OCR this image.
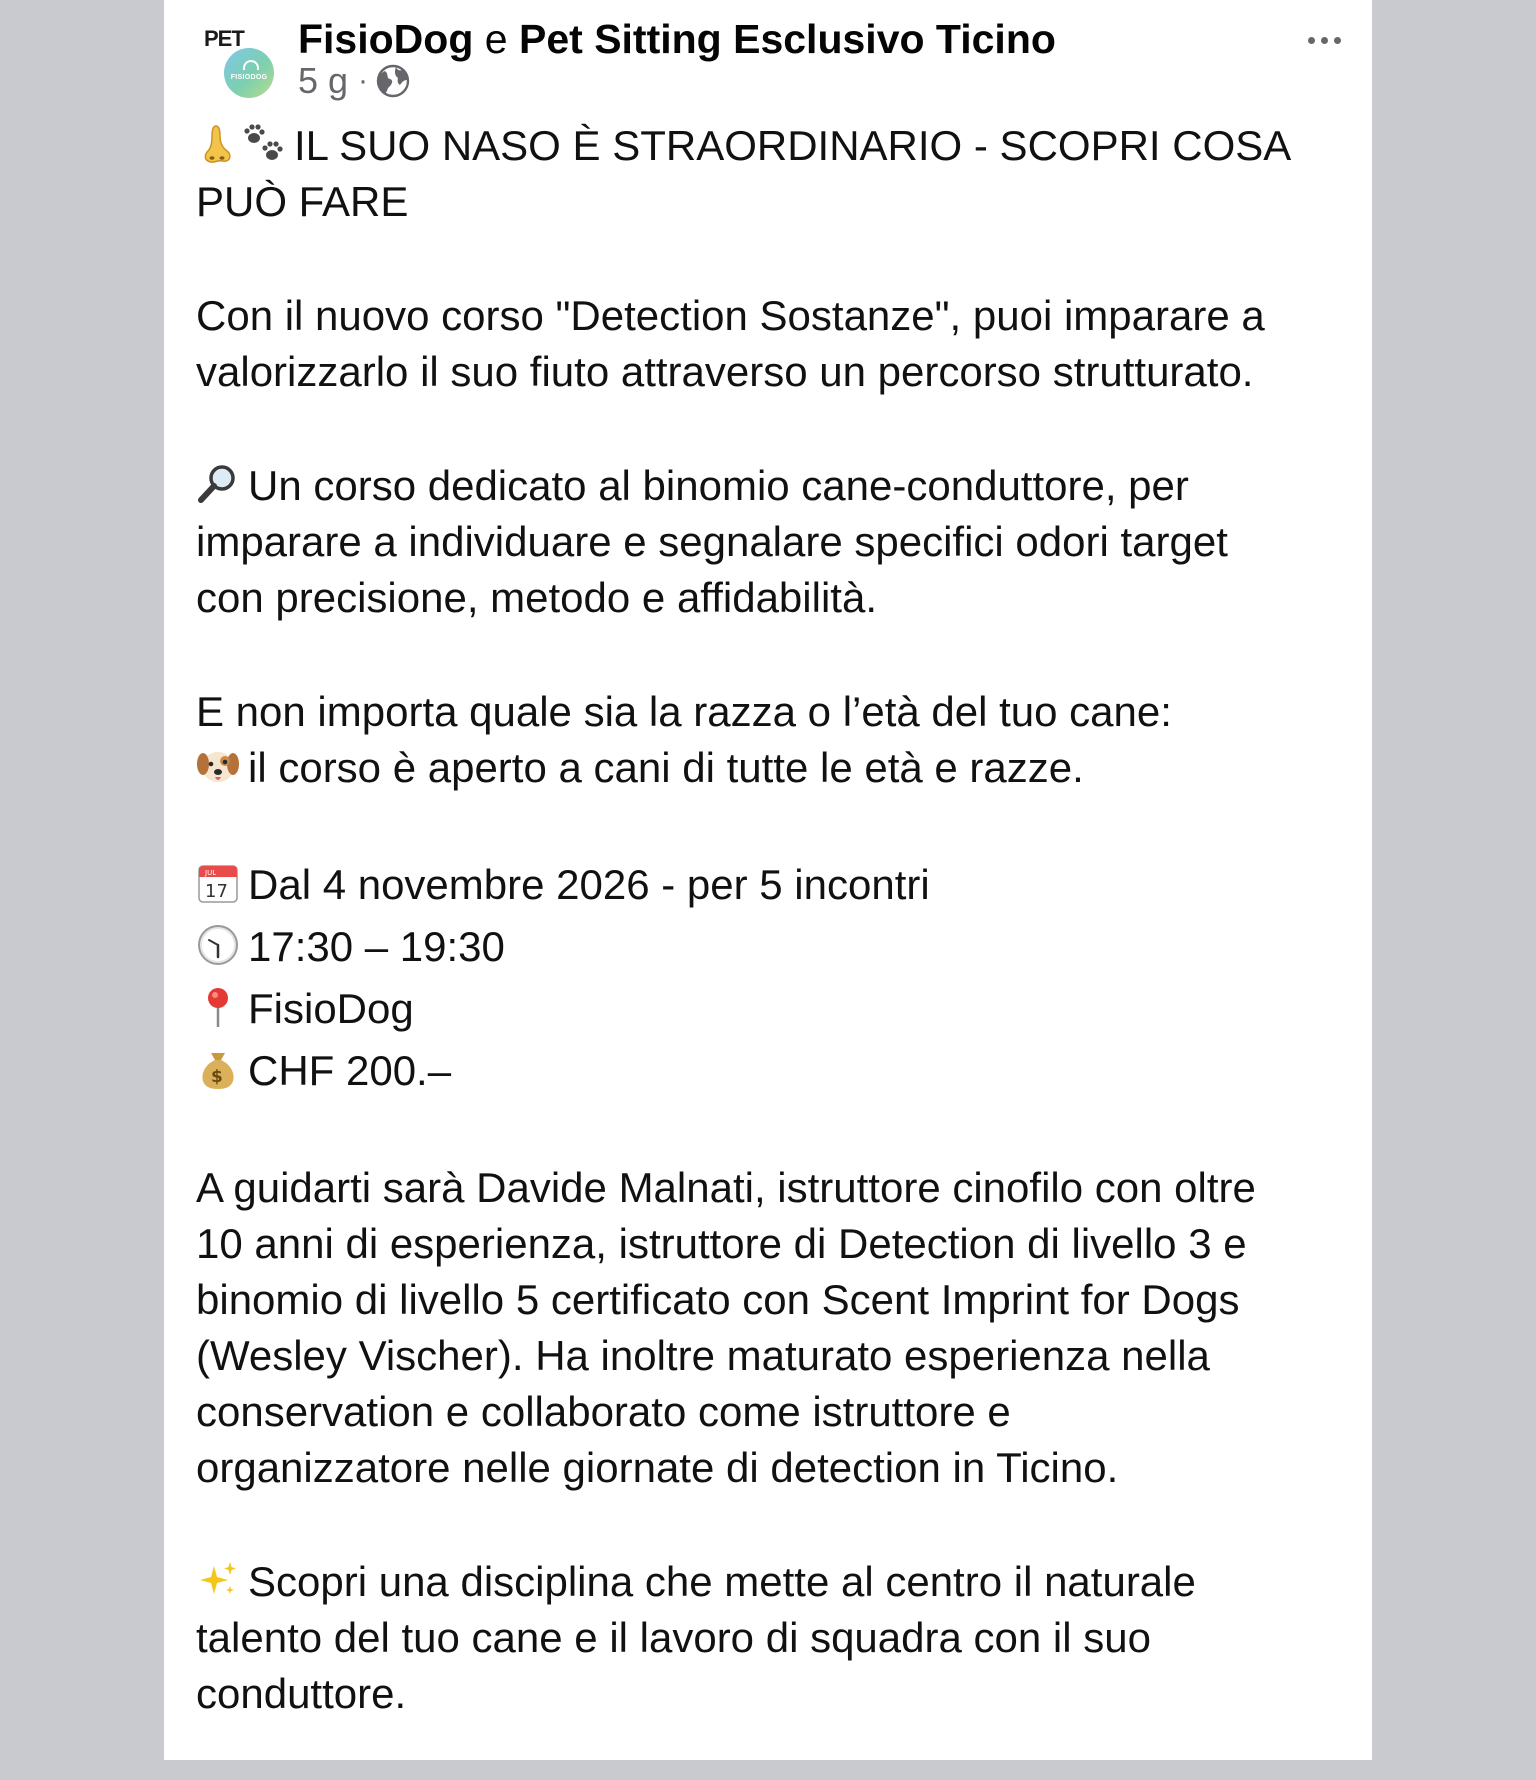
PET
FISIODOG
FisioDog e Pet Sitting Esclusivo Ticino
5 g ·
IL SUO NASO È STRAORDINARIO - SCOPRI COSA
PUÒ FARE
Con il nuovo corso "Detection Sostanze", puoi imparare a
valorizzarlo il suo fiuto attraverso un percorso strutturato.
Un corso dedicato al binomio cane-conduttore, per
imparare a individuare e segnalare specifici odori target
con precisione, metodo e affidabilità.
E non importa quale sia la razza o l’età del tuo cane:
il corso è aperto a cani di tutte le età e razze.
JUL
17 Dal 4 novembre 2026 - per 5 incontri
17:30 – 19:30
FisioDog
$ CHF 200.–
A guidarti sarà Davide Malnati, istruttore cinofilo con oltre
10 anni di esperienza, istruttore di Detection di livello 3 e
binomio di livello 5 certificato con Scent Imprint for Dogs
(Wesley Vischer). Ha inoltre maturato esperienza nella
conservation e collaborato come istruttore e
organizzatore nelle giornate di detection in Ticino.
Scopri una disciplina che mette al centro il naturale
talento del tuo cane e il lavoro di squadra con il suo
conduttore.
